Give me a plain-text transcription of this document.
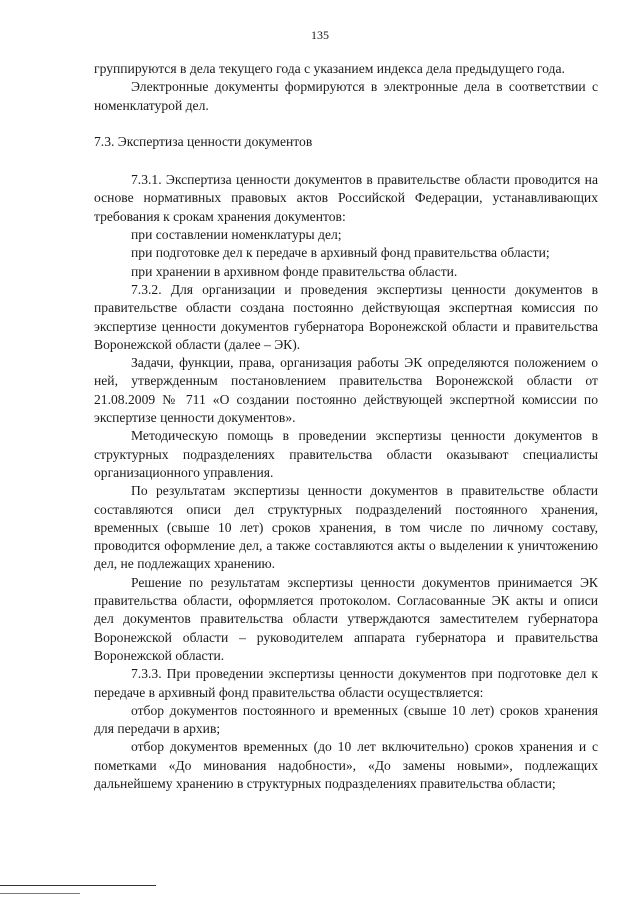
135

группируются в дела текущего года с указанием индекса дела предыдущего года.

Электронные документы формируются в электронные дела в соответствии с номенклатурой дел.

7.3. Экспертиза ценности документов

7.3.1. Экспертиза ценности документов в правительстве области проводится на основе нормативных правовых актов Российской Федерации, устанавливающих требования к срокам хранения документов:

при составлении номенклатуры дел;

при подготовке дел к передаче в архивный фонд правительства области;

при хранении в архивном фонде правительства области.

7.3.2. Для организации и проведения экспертизы ценности документов в правительстве области создана постоянно действующая экспертная комиссия по экспертизе ценности документов губернатора Воронежской области и правительства Воронежской области (далее – ЭК).

Задачи, функции, права, организация работы ЭК определяются положением о ней, утвержденным постановлением правительства Воронежской области от 21.08.2009 № 711 «О создании постоянно действующей экспертной комиссии по экспертизе ценности документов».

Методическую помощь в проведении экспертизы ценности документов в структурных подразделениях правительства области оказывают специалисты организационного управления.

По результатам экспертизы ценности документов в правительстве области составляются описи дел структурных подразделений постоянного хранения, временных (свыше 10 лет) сроков хранения, в том числе по личному составу, проводится оформление дел, а также составляются акты о выделении к уничтожению дел, не подлежащих хранению.

Решение по результатам экспертизы ценности документов принимается ЭК правительства области, оформляется протоколом. Согласованные ЭК акты и описи дел документов правительства области утверждаются заместителем губернатора Воронежской области – руководителем аппарата губернатора и правительства Воронежской области.

7.3.3. При проведении экспертизы ценности документов при подготовке дел к передаче в архивный фонд правительства области осуществляется:

отбор документов постоянного и временных (свыше 10 лет) сроков хранения для передачи в архив;

отбор документов временных (до 10 лет включительно) сроков хранения и с пометками «До минования надобности», «До замены новыми», подлежащих дальнейшему хранению в структурных подразделениях правительства области;
